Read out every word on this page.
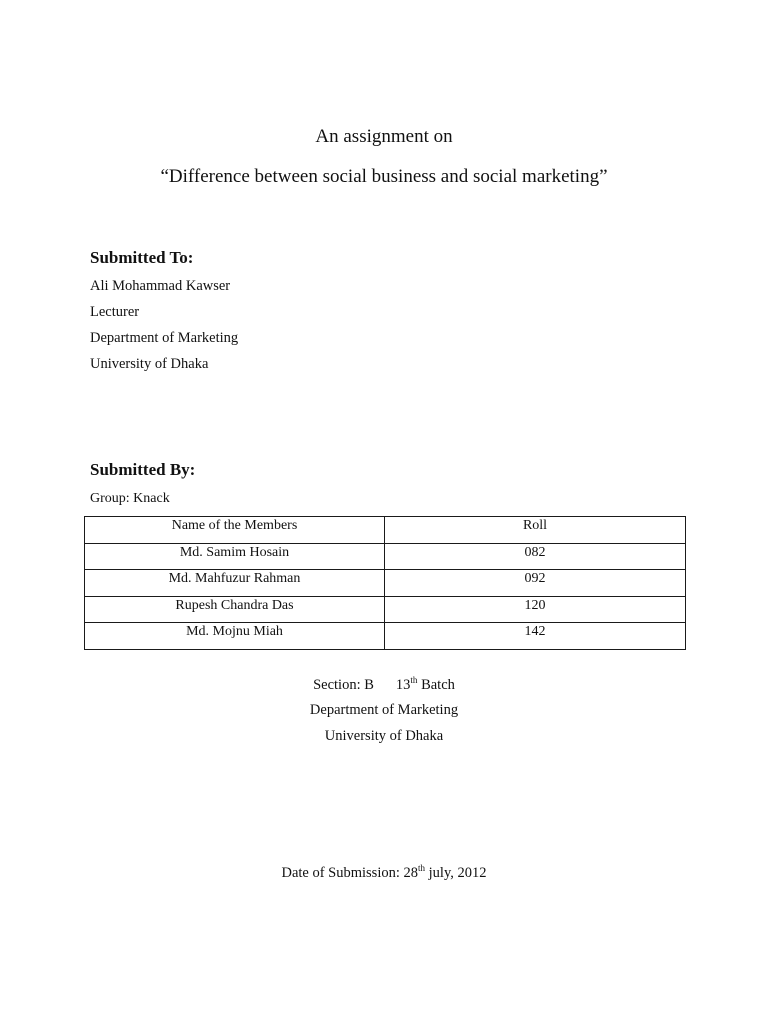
An assignment on
“Difference between social business and social marketing”
Submitted To:
Ali Mohammad Kawser
Lecturer
Department of Marketing
University of Dhaka
Submitted By:
Group: Knack
Name of the Members	Roll
Md. Samim Hosain	082
Md. Mahfuzur Rahman	092
Rupesh Chandra Das	120
Md. Mojnu Miah	142
Section: B 13th Batch
Department of Marketing
University of Dhaka
Date of Submission: 28th july, 2012
